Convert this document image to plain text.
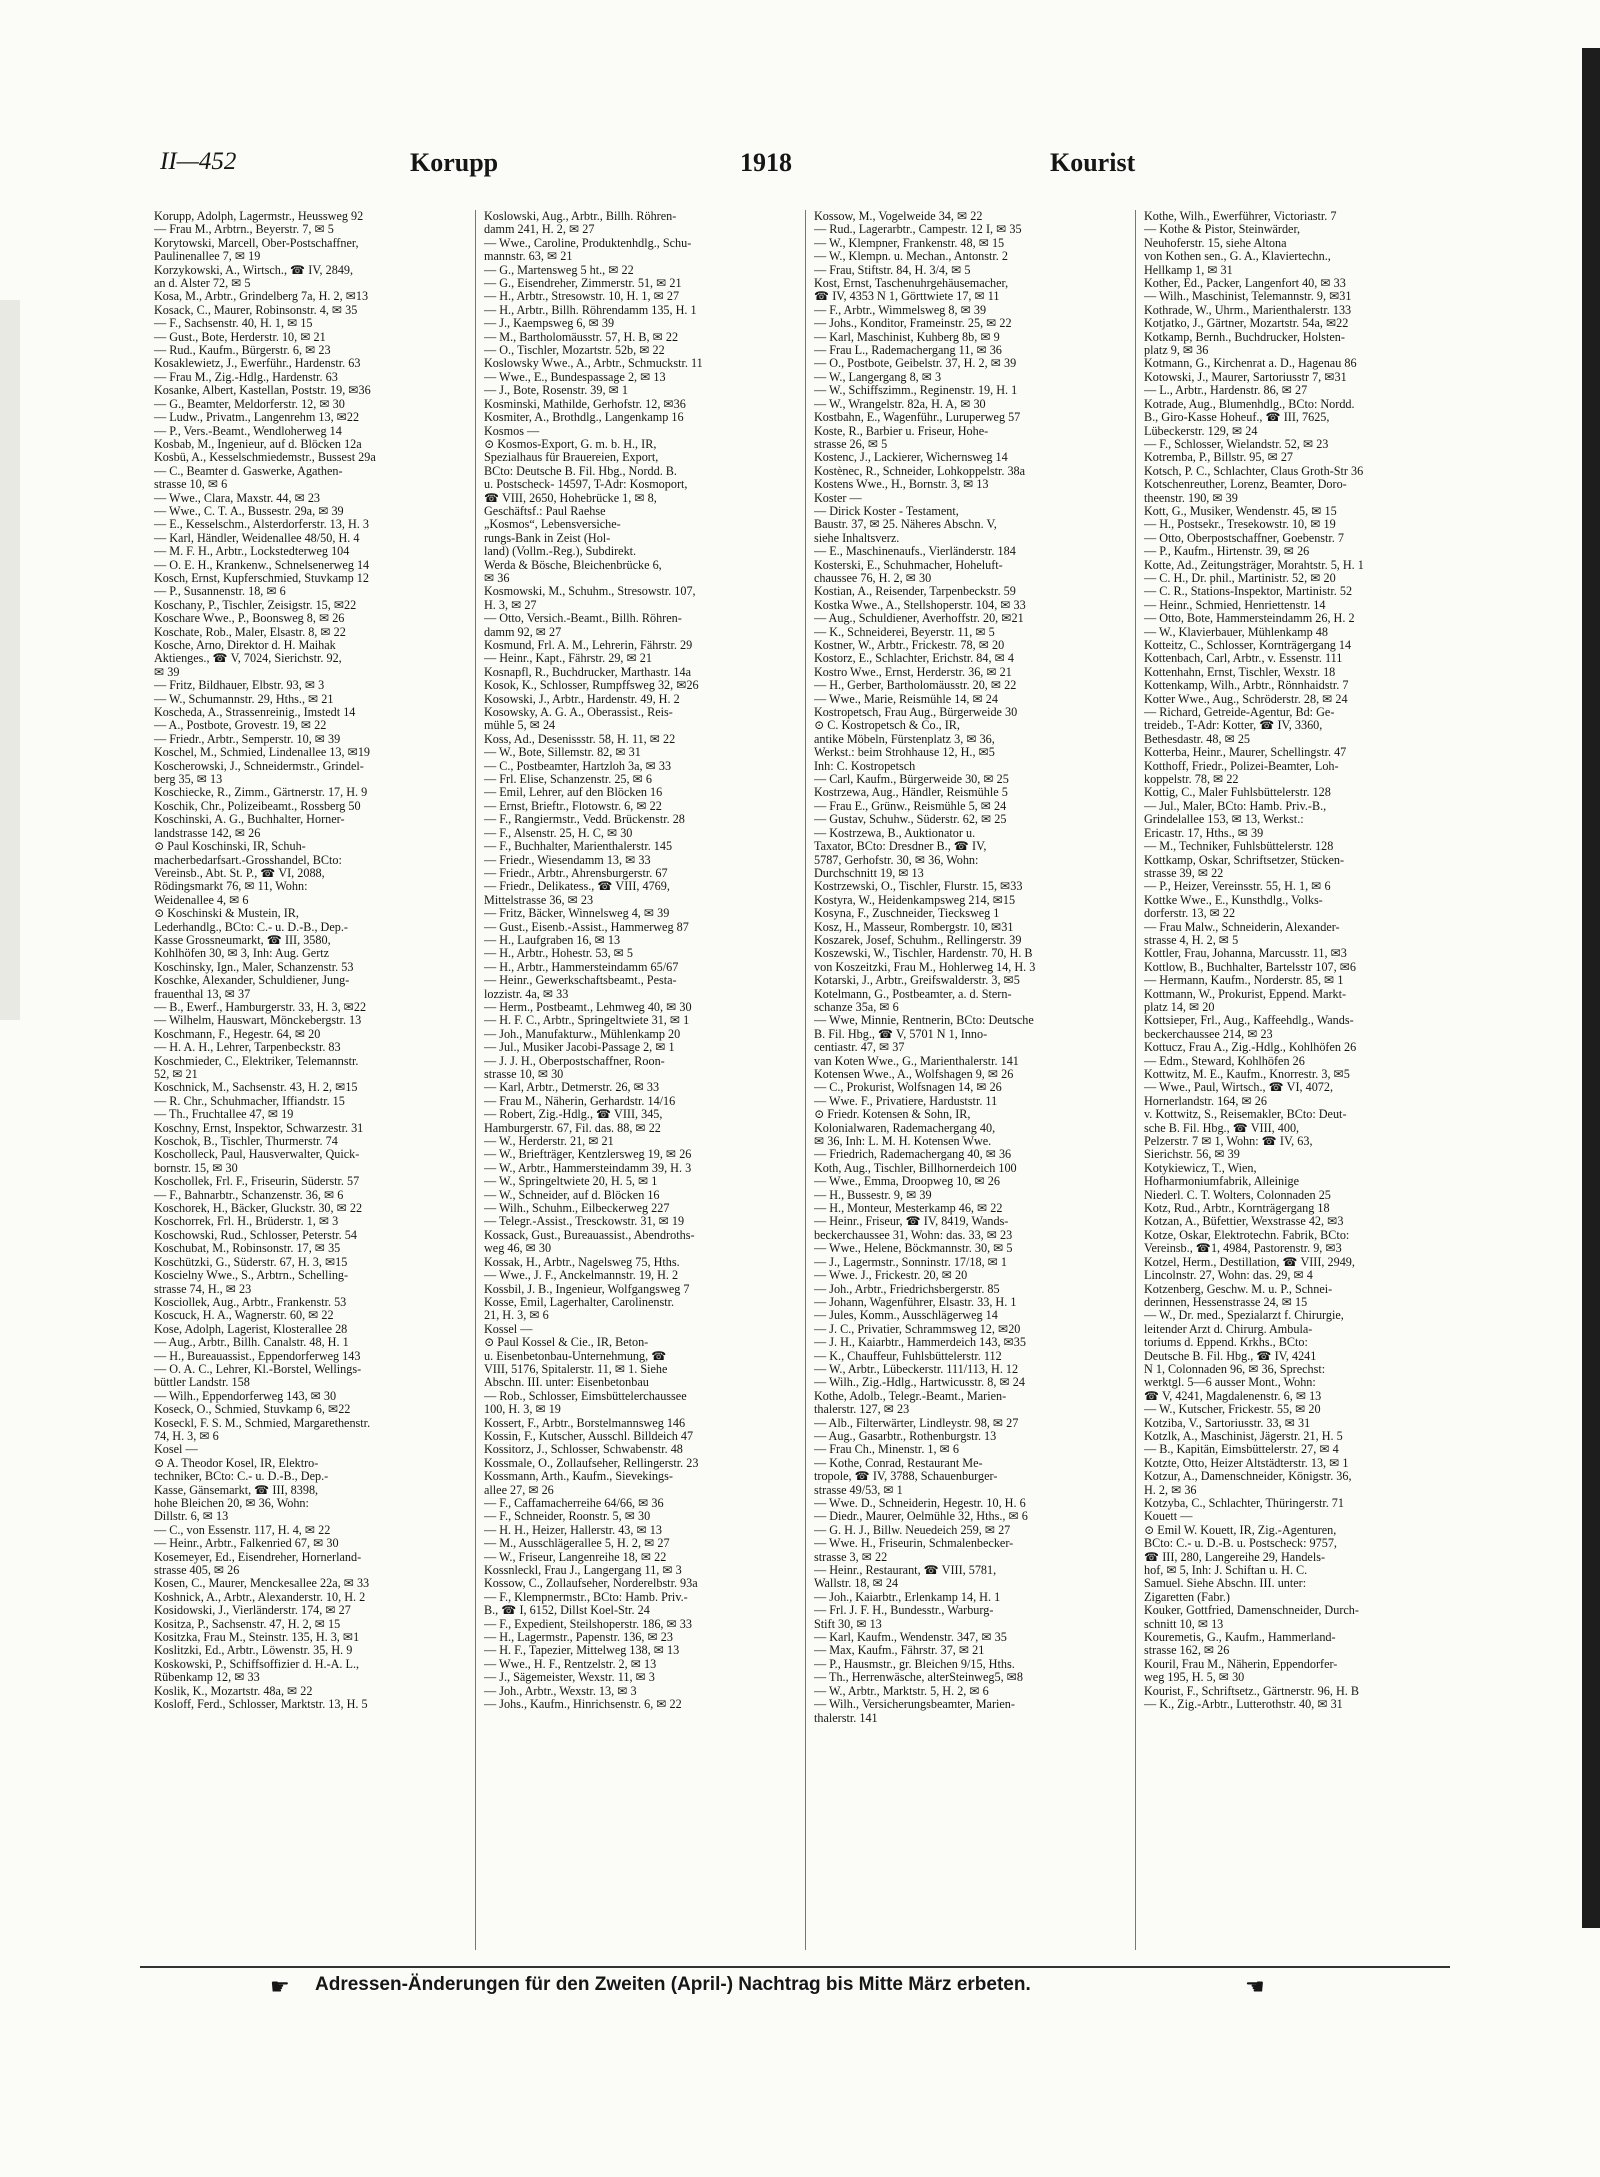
II—452	Korupp	1918	Kourist
Korupp, Adolph, Lagermstr., Heussweg 92
— Frau M., Arbtrn., Beyerstr. 7, ✉ 5
Korytowski, Marcell, Ober-Postschaffner,
Paulinenallee 7, ✉ 19
Korzykowski, A., Wirtsch., ☎ IV, 2849,
an d. Alster 72, ✉ 5
Kosa, M., Arbtr., Grindelberg 7a, H. 2, ✉13
Kosack, C., Maurer, Robinsonstr. 4, ✉ 35
— F., Sachsenstr. 40, H. 1, ✉ 15
— Gust., Bote, Herderstr. 10, ✉ 21
— Rud., Kaufm., Bürgerstr. 6, ✉ 23
Kosaklewietz, J., Ewerführ., Hardenstr. 63
— Frau M., Zig.-Hdlg., Hardenstr. 63
Kosanke, Albert, Kastellan, Poststr. 19, ✉36
— G., Beamter, Meldorferstr. 12, ✉ 30
— Ludw., Privatm., Langenrehm 13, ✉22
— P., Vers.-Beamt., Wendloherweg 14
Kosbab, M., Ingenieur, auf d. Blöcken 12a
Kosbü, A., Kesselschmiedemstr., Bussest 29a
— C., Beamter d. Gaswerke, Agathen-
strasse 10, ✉ 6
— Wwe., Clara, Maxstr. 44, ✉ 23
— Wwe., C. T. A., Bussestr. 29a, ✉ 39
— E., Kesselschm., Alsterdorferstr. 13, H. 3
— Karl, Händler, Weidenallee 48/50, H. 4
— M. F. H., Arbtr., Lockstedterweg 104
— O. E. H., Krankenw., Schnelsenerweg 14
Kosch, Ernst, Kupferschmied, Stuvkamp 12
— P., Susannenstr. 18, ✉ 6
Koschany, P., Tischler, Zeisigstr. 15, ✉22
Koschare Wwe., P., Boonsweg 8, ✉ 26
Koschate, Rob., Maler, Elsastr. 8, ✉ 22
Kosche, Arno, Direktor d. H. Maihak
Aktienges., ☎ V, 7024, Sierichstr. 92,
✉ 39
— Fritz, Bildhauer, Elbstr. 93, ✉ 3
— W., Schumannstr. 29, Hths., ✉ 21
Koscheda, A., Strassenreinig., Imstedt 14
— A., Postbote, Grovestr. 19, ✉ 22
— Friedr., Arbtr., Semperstr. 10, ✉ 39
Koschel, M., Schmied, Lindenallee 13, ✉19
Koscherowski, J., Schneidermstr., Grindel-
berg 35, ✉ 13
Koschiecke, R., Zimm., Gärtnerstr. 17, H. 9
Koschik, Chr., Polizeibeamt., Rossberg 50
Koschinski, A. G., Buchhalter, Horner-
landstrasse 142, ✉ 26
⊙ Paul Koschinski, IR, Schuh-
macherbedarfsart.-Grosshandel, BCto:
Vereinsb., Abt. St. P., ☎ VI, 2088,
Rödingsmarkt 76, ✉ 11, Wohn:
Weidenallee 4, ✉ 6
⊙ Koschinski & Mustein, IR,
Lederhandlg., BCto: C.- u. D.-B., Dep.-
Kasse Grossneumarkt, ☎ III, 3580,
Kohlhöfen 30, ✉ 3, Inh: Aug. Gertz
Koschinsky, Ign., Maler, Schanzenstr. 53
Koschke, Alexander, Schuldiener, Jung-
frauenthal 13, ✉ 37
— B., Ewerf., Hamburgerstr. 33, H. 3, ✉22
— Wilhelm, Hauswart, Mönckebergstr. 13
Koschmann, F., Hegestr. 64, ✉ 20
— H. A. H., Lehrer, Tarpenbeckstr. 83
Koschmieder, C., Elektriker, Telemannstr.
52, ✉ 21
Koschnick, M., Sachsenstr. 43, H. 2, ✉15
— R. Chr., Schuhmacher, Iffiandstr. 15
— Th., Fruchtallee 47, ✉ 19
Koschny, Ernst, Inspektor, Schwarzestr. 31
Koschok, B., Tischler, Thurmerstr. 74
Koscholleck, Paul, Hausverwalter, Quick-
bornstr. 15, ✉ 30
Koschollek, Frl. F., Friseurin, Süderstr. 57
— F., Bahnarbtr., Schanzenstr. 36, ✉ 6
Koschorek, H., Bäcker, Gluckstr. 30, ✉ 22
Koschorrek, Frl. H., Brüderstr. 1, ✉ 3
Koschowski, Rud., Schlosser, Peterstr. 54
Koschubat, M., Robinsonstr. 17, ✉ 35
Koschützki, G., Süderstr. 67, H. 3, ✉15
Koscielny Wwe., S., Arbtrn., Schelling-
strasse 74, H., ✉ 23
Kosciollek, Aug., Arbtr., Frankenstr. 53
Koscuck, H. A., Wagnerstr. 60, ✉ 22
Kose, Adolph, Lagerist, Klosterallee 28
— Aug., Arbtr., Billh. Canalstr. 48, H. 1
— H., Bureauassist., Eppendorferweg 143
— O. A. C., Lehrer, Kl.-Borstel, Wellings-
büttler Landstr. 158
— Wilh., Eppendorferweg 143, ✉ 30
Koseck, O., Schmied, Stuvkamp 6, ✉22
Koseckl, F. S. M., Schmied, Margarethenstr.
74, H. 3, ✉ 6
Kosel —
⊙ A. Theodor Kosel, IR, Elektro-
techniker, BCto: C.- u. D.-B., Dep.-
Kasse, Gänsemarkt, ☎ III, 8398,
hohe Bleichen 20, ✉ 36, Wohn:
Dillstr. 6, ✉ 13
— C., von Essenstr. 117, H. 4, ✉ 22
— Heinr., Arbtr., Falkenried 67, ✉ 30
Kosemeyer, Ed., Eisendreher, Hornerland-
strasse 405, ✉ 26
Kosen, C., Maurer, Menckesallee 22a, ✉ 33
Koshnick, A., Arbtr., Alexanderstr. 10, H. 2
Kosidowski, J., Vierländerstr. 174, ✉ 27
Kositza, P., Sachsenstr. 47, H. 2, ✉ 15
Kositzka, Frau M., Steinstr. 135, H. 3, ✉1
Koslitzki, Ed., Arbtr., Löwenstr. 35, H. 9
Koskowski, P., Schiffsoffizier d. H.-A. L.,
Rübenkamp 12, ✉ 33
Koslik, K., Mozartstr. 48a, ✉ 22
Kosloff, Ferd., Schlosser, Marktstr. 13, H. 5
Koslowski, Aug., Arbtr., Billh. Röhren-
damm 241, H. 2, ✉ 27
— Wwe., Caroline, Produktenhdlg., Schu-
mannstr. 63, ✉ 21
— G., Martensweg 5 ht., ✉ 22
— G., Eisendreher, Zimmerstr. 51, ✉ 21
— H., Arbtr., Stresowstr. 10, H. 1, ✉ 27
— H., Arbtr., Billh. Röhrendamm 135, H. 1
— J., Kaempsweg 6, ✉ 39
— M., Bartholomäusstr. 57, H. B, ✉ 22
— O., Tischler, Mozartstr. 52b, ✉ 22
Koslowsky Wwe., A., Arbtr., Schmuckstr. 11
— Wwe., E., Bundespassage 2, ✉ 13
— J., Bote, Rosenstr. 39, ✉ 1
Kosminski, Mathilde, Gerhofstr. 12, ✉36
Kosmiter, A., Brothdlg., Langenkamp 16
Kosmos —
⊙ Kosmos-Export, G. m. b. H., IR,
Spezialhaus für Brauereien, Export,
BCto: Deutsche B. Fil. Hbg., Nordd. B.
u. Postscheck- 14597, T-Adr: Kosmoport,
☎ VIII, 2650, Hohebrücke 1, ✉ 8,
Geschäftsf.: Paul Raehse
„Kosmos“, Lebensversiche-
rungs-Bank in Zeist (Hol-
land) (Vollm.-Reg.), Subdirekt.
Werda & Bösche, Bleichenbrücke 6,
✉ 36
Kosmowski, M., Schuhm., Stresowstr. 107,
H. 3, ✉ 27
— Otto, Versich.-Beamt., Billh. Röhren-
damm 92, ✉ 27
Kosmund, Frl. A. M., Lehrerin, Fährstr. 29
— Heinr., Kapt., Fährstr. 29, ✉ 21
Kosnapfl, R., Buchdrucker, Marthastr. 14a
Kosok, K., Schlosser, Rumpffsweg 32, ✉26
Kosowski, J., Arbtr., Hardenstr. 49, H. 2
Kosowsky, A. G. A., Oberassist., Reis-
mühle 5, ✉ 24
Koss, Ad., Desenissstr. 58, H. 11, ✉ 22
— W., Bote, Sillemstr. 82, ✉ 31
— C., Postbeamter, Hartzloh 3a, ✉ 33
— Frl. Elise, Schanzenstr. 25, ✉ 6
— Emil, Lehrer, auf den Blöcken 16
— Ernst, Brieftr., Flotowstr. 6, ✉ 22
— F., Rangiermstr., Vedd. Brückenstr. 28
— F., Alsenstr. 25, H. C, ✉ 30
— F., Buchhalter, Marienthalerstr. 145
— Friedr., Wiesendamm 13, ✉ 33
— Friedr., Arbtr., Ahrensburgerstr. 67
— Friedr., Delikatess., ☎ VIII, 4769,
Mittelstrasse 36, ✉ 23
— Fritz, Bäcker, Winnelsweg 4, ✉ 39
— Gust., Eisenb.-Assist., Hammerweg 87
— H., Laufgraben 16, ✉ 13
— H., Arbtr., Hohestr. 53, ✉ 5
— H., Arbtr., Hammersteindamm 65/67
— Heinr., Gewerkschaftsbeamt., Pesta-
lozzistr. 4a, ✉ 33
— Herm., Postbeamt., Lehmweg 40, ✉ 30
— H. F. C., Arbtr., Springeltwiete 31, ✉ 1
— Joh., Manufakturw., Mühlenkamp 20
— Jul., Musiker Jacobi-Passage 2, ✉ 1
— J. J. H., Oberpostschaffner, Roon-
strasse 10, ✉ 30
— Karl, Arbtr., Detmerstr. 26, ✉ 33
— Frau M., Näherin, Gerhardstr. 14/16
— Robert, Zig.-Hdlg., ☎ VIII, 345,
Hamburgerstr. 67, Fil. das. 88, ✉ 22
— W., Herderstr. 21, ✉ 21
— W., Briefträger, Kentzlersweg 19, ✉ 26
— W., Arbtr., Hammersteindamm 39, H. 3
— W., Springeltwiete 20, H. 5, ✉ 1
— W., Schneider, auf d. Blöcken 16
— Wilh., Schuhm., Eilbeckerweg 227
— Telegr.-Assist., Tresckowstr. 31, ✉ 19
Kossack, Gust., Bureauassist., Abendroths-
weg 46, ✉ 30
Kossak, H., Arbtr., Nagelsweg 75, Hths.
— Wwe., J. F., Anckelmannstr. 19, H. 2
Kossbil, J. B., Ingenieur, Wolfgangsweg 7
Kosse, Emil, Lagerhalter, Carolinenstr.
21, H. 3, ✉ 6
Kossel —
⊙ Paul Kossel & Cie., IR, Beton-
u. Eisenbetonbau-Unternehmung, ☎
VIII, 5176, Spitalerstr. 11, ✉ 1. Siehe
Abschn. III. unter: Eisenbetonbau
— Rob., Schlosser, Eimsbüttelerchaussee
100, H. 3, ✉ 19
Kossert, F., Arbtr., Borstelmannsweg 146
Kossin, F., Kutscher, Ausschl. Billdeich 47
Kossitorz, J., Schlosser, Schwabenstr. 48
Kossmale, O., Zollaufseher, Rellingerstr. 23
Kossmann, Arth., Kaufm., Sievekings-
allee 27, ✉ 26
— F., Caffamacherreihe 64/66, ✉ 36
— F., Schneider, Roonstr. 5, ✉ 30
— H. H., Heizer, Hallerstr. 43, ✉ 13
— M., Ausschlägerallee 5, H. 2, ✉ 27
— W., Friseur, Langenreihe 18, ✉ 22
Kossnleckl, Frau J., Langergang 11, ✉ 3
Kossow, C., Zollaufseher, Norderelbstr. 93a
— F., Klempnermstr., BCto: Hamb. Priv.-
B., ☎ I, 6152, Dillst Koel-Str. 24
— F., Expedient, Steilshoperstr. 186, ✉ 33
— H., Lagermstr., Papenstr. 136, ✉ 23
— H. F., Tapezier, Mittelweg 138, ✉ 13
— Wwe., H. F., Rentzelstr. 2, ✉ 13
— J., Sägemeister, Wexstr. 11, ✉ 3
— Joh., Arbtr., Wexstr. 13, ✉ 3
— Johs., Kaufm., Hinrichsenstr. 6, ✉ 22
Kossow, M., Vogelweide 34, ✉ 22
— Rud., Lagerarbtr., Campestr. 12 I, ✉ 35
— W., Klempner, Frankenstr. 48, ✉ 15
— W., Klempn. u. Mechan., Antonstr. 2
— Frau, Stiftstr. 84, H. 3/4, ✉ 5
Kost, Ernst, Taschenuhrgehäusemacher,
☎ IV, 4353 N 1, Görttwiete 17, ✉ 11
— F., Arbtr., Wimmelsweg 8, ✉ 39
— Johs., Konditor, Frameinstr. 25, ✉ 22
— Karl, Maschinist, Kuhberg 8b, ✉ 9
— Frau L., Rademachergang 11, ✉ 36
— O., Postbote, Geibelstr. 37, H. 2, ✉ 39
— W., Langergang 8, ✉ 3
— W., Schiffszimm., Reginenstr. 19, H. 1
— W., Wrangelstr. 82a, H. A, ✉ 30
Kostbahn, E., Wagenführ., Luruperweg 57
Koste, R., Barbier u. Friseur, Hohe-
strasse 26, ✉ 5
Kostenc, J., Lackierer, Wichernsweg 14
Kostènec, R., Schneider, Lohkoppelstr. 38a
Kostens Wwe., H., Bornstr. 3, ✉ 13
Koster —
— Dirick Koster - Testament,
Baustr. 37, ✉ 25. Näheres Abschn. V,
siehe Inhaltsverz.
— E., Maschinenaufs., Vierländerstr. 184
Kosterski, E., Schuhmacher, Hoheluft-
chaussee 76, H. 2, ✉ 30
Kostian, A., Reisender, Tarpenbeckstr. 59
Kostka Wwe., A., Stellshoperstr. 104, ✉ 33
— Aug., Schuldiener, Averhoffstr. 20, ✉21
— K., Schneiderei, Beyerstr. 11, ✉ 5
Kostner, W., Arbtr., Frickestr. 78, ✉ 20
Kostorz, E., Schlachter, Erichstr. 84, ✉ 4
Kostro Wwe., Ernst, Herderstr. 36, ✉ 21
— H., Gerber, Bartholomäusstr. 20, ✉ 22
— Wwe., Marie, Reismühle 14, ✉ 24
Kostropetsch, Frau Aug., Bürgerweide 30
⊙ C. Kostropetsch & Co., IR,
antike Möbeln, Fürstenplatz 3, ✉ 36,
Werkst.: beim Strohhause 12, H., ✉5
Inh: C. Kostropetsch
— Carl, Kaufm., Bürgerweide 30, ✉ 25
Kostrzewa, Aug., Händler, Reismühle 5
— Frau E., Grünw., Reismühle 5, ✉ 24
— Gustav, Schuhw., Süderstr. 62, ✉ 25
— Kostrzewa, B., Auktionator u.
Taxator, BCto: Dresdner B., ☎ IV,
5787, Gerhofstr. 30, ✉ 36, Wohn:
Durchschnitt 19, ✉ 13
Kostrzewski, O., Tischler, Flurstr. 15, ✉33
Kostyra, W., Heidenkampsweg 214, ✉15
Kosyna, F., Zuschneider, Tiecksweg 1
Kosz, H., Masseur, Rombergstr. 10, ✉31
Koszarek, Josef, Schuhm., Rellingerstr. 39
Koszewski, W., Tischler, Hardenstr. 70, H. B
von Koszeitzki, Frau M., Hohlerweg 14, H. 3
Kotarski, J., Arbtr., Greifswalderstr. 3, ✉5
Kotelmann, G., Postbeamter, a. d. Stern-
schanze 35a, ✉ 6
— Wwe, Minnie, Rentnerin, BCto: Deutsche
B. Fil. Hbg., ☎ V, 5701 N 1, Inno-
centiastr. 47, ✉ 37
van Koten Wwe., G., Marienthalerstr. 141
Kotensen Wwe., A., Wolfshagen 9, ✉ 26
— C., Prokurist, Wolfsnagen 14, ✉ 26
— Wwe. F., Privatiere, Harduststr. 11
⊙ Friedr. Kotensen & Sohn, IR,
Kolonialwaren, Rademachergang 40,
✉ 36, Inh: L. M. H. Kotensen Wwe.
— Friedrich, Rademachergang 40, ✉ 36
Koth, Aug., Tischler, Billhornerdeich 100
— Wwe., Emma, Droopweg 10, ✉ 26
— H., Bussestr. 9, ✉ 39
— H., Monteur, Mesterkamp 46, ✉ 22
— Heinr., Friseur, ☎ IV, 8419, Wands-
beckerchaussee 31, Wohn: das. 33, ✉ 23
— Wwe., Helene, Böckmannstr. 30, ✉ 5
— J., Lagermstr., Sonninstr. 17/18, ✉ 1
— Wwe. J., Frickestr. 20, ✉ 20
— Joh., Arbtr., Friedrichsbergerstr. 85
— Johann, Wagenführer, Elsastr. 33, H. 1
— Jules, Komm., Ausschlägerweg 14
— J. C., Privatier, Schrammsweg 12, ✉20
— J. H., Kaiarbtr., Hammerdeich 143, ✉35
— K., Chauffeur, Fuhlsbüttelerstr. 112
— W., Arbtr., Lübeckerstr. 111/113, H. 12
— Wilh., Zig.-Hdlg., Hartwicusstr. 8, ✉ 24
Kothe, Adolb., Telegr.-Beamt., Marien-
thalerstr. 127, ✉ 23
— Alb., Filterwärter, Lindleystr. 98, ✉ 27
— Aug., Gasarbtr., Rothenburgstr. 13
— Frau Ch., Minenstr. 1, ✉ 6
— Kothe, Conrad, Restaurant Me-
tropole, ☎ IV, 3788, Schauenburger-
strasse 49/53, ✉ 1
— Wwe. D., Schneiderin, Hegestr. 10, H. 6
— Diedr., Maurer, Oelmühle 32, Hths., ✉ 6
— G. H. J., Billw. Neuedeich 259, ✉ 27
— Wwe. H., Friseurin, Schmalenbecker-
strasse 3, ✉ 22
— Heinr., Restaurant, ☎ VIII, 5781,
Wallstr. 18, ✉ 24
— Joh., Kaiarbtr., Erlenkamp 14, H. 1
— Frl. J. F. H., Bundesstr., Warburg-
Stift 30, ✉ 13
— Karl, Kaufm., Wendenstr. 347, ✉ 35
— Max, Kaufm., Fährstr. 37, ✉ 21
— P., Hausmstr., gr. Bleichen 9/15, Hths.
— Th., Herrenwäsche, alterSteinweg5, ✉8
— W., Arbtr., Marktstr. 5, H. 2, ✉ 6
— Wilh., Versicherungsbeamter, Marien-
thalerstr. 141
Kothe, Wilh., Ewerführer, Victoriastr. 7
— Kothe & Pistor, Steinwärder,
Neuhoferstr. 15, siehe Altona
von Kothen sen., G. A., Klaviertechn.,
Hellkamp 1, ✉ 31
Kother, Ed., Packer, Langenfort 40, ✉ 33
— Wilh., Maschinist, Telemannstr. 9, ✉31
Kothrade, W., Uhrm., Marienthalerstr. 133
Kotjatko, J., Gärtner, Mozartstr. 54a, ✉22
Kotkamp, Bernh., Buchdrucker, Holsten-
platz 9, ✉ 36
Kotmann, G., Kirchenrat a. D., Hagenau 86
Kotowski, J., Maurer, Sartoriusstr 7, ✉31
— L., Arbtr., Hardenstr. 86, ✉ 27
Kotrade, Aug., Blumenhdlg., BCto: Nordd.
B., Giro-Kasse Hoheuf., ☎ III, 7625,
Lübeckerstr. 129, ✉ 24
— F., Schlosser, Wielandstr. 52, ✉ 23
Kotremba, P., Billstr. 95, ✉ 27
Kotsch, P. C., Schlachter, Claus Groth-Str 36
Kotschenreuther, Lorenz, Beamter, Doro-
theenstr. 190, ✉ 39
Kott, G., Musiker, Wendenstr. 45, ✉ 15
— H., Postsekr., Tresekowstr. 10, ✉ 19
— Otto, Oberpostschaffner, Goebenstr. 7
— P., Kaufm., Hirtenstr. 39, ✉ 26
Kotte, Ad., Zeitungsträger, Morahtstr. 5, H. 1
— C. H., Dr. phil., Martinistr. 52, ✉ 20
— C. R., Stations-Inspektor, Martinistr. 52
— Heinr., Schmied, Henriettenstr. 14
— Otto, Bote, Hammersteindamm 26, H. 2
— W., Klavierbauer, Mühlenkamp 48
Kotteitz, C., Schlosser, Kornträgergang 14
Kottenbach, Carl, Arbtr., v. Essenstr. 111
Kottenhahn, Ernst, Tischler, Wexstr. 18
Kottenkamp, Wilh., Arbtr., Rönnhaidstr. 7
Kotter Wwe., Aug., Schröderstr. 28, ✉ 24
— Richard, Getreide-Agentur, Bd: Ge-
treideb., T-Adr: Kotter, ☎ IV, 3360,
Bethesdastr. 48, ✉ 25
Kotterba, Heinr., Maurer, Schellingstr. 47
Kotthoff, Friedr., Polizei-Beamter, Loh-
koppelstr. 78, ✉ 22
Kottig, C., Maler Fuhlsbüttelerstr. 128
— Jul., Maler, BCto: Hamb. Priv.-B.,
Grindelallee 153, ✉ 13, Werkst.:
Ericastr. 17, Hths., ✉ 39
— M., Techniker, Fuhlsbüttelerstr. 128
Kottkamp, Oskar, Schriftsetzer, Stücken-
strasse 39, ✉ 22
— P., Heizer, Vereinsstr. 55, H. 1, ✉ 6
Kottke Wwe., E., Kunsthdlg., Volks-
dorferstr. 13, ✉ 22
— Frau Malw., Schneiderin, Alexander-
strasse 4, H. 2, ✉ 5
Kottler, Frau, Johanna, Marcusstr. 11, ✉3
Kottlow, B., Buchhalter, Bartelsstr 107, ✉6
— Hermann, Kaufm., Norderstr. 85, ✉ 1
Kottmann, W., Prokurist, Eppend. Markt-
platz 14, ✉ 20
Kottsieper, Frl., Aug., Kaffeehdlg., Wands-
beckerchaussee 214, ✉ 23
Kottucz, Frau A., Zig.-Hdlg., Kohlhöfen 26
— Edm., Steward, Kohlhöfen 26
Kottwitz, M. E., Kaufm., Knorrestr. 3, ✉5
— Wwe., Paul, Wirtsch., ☎ VI, 4072,
Hornerlandstr. 164, ✉ 26
v. Kottwitz, S., Reisemakler, BCto: Deut-
sche B. Fil. Hbg., ☎ VIII, 400,
Pelzerstr. 7 ✉ 1, Wohn: ☎ IV, 63,
Sierichstr. 56, ✉ 39
Kotykiewicz, T., Wien,
Hofharmoniumfabrik, Alleinige
Niederl. C. T. Wolters, Colonnaden 25
Kotz, Rud., Arbtr., Kornträgergang 18
Kotzan, A., Büfettier, Wexstrasse 42, ✉3
Kotze, Oskar, Elektrotechn. Fabrik, BCto:
Vereinsb., ☎1, 4984, Pastorenstr. 9, ✉3
Kotzel, Herm., Destillation, ☎ VIII, 2949,
Lincolnstr. 27, Wohn: das. 29, ✉ 4
Kotzenberg, Geschw. M. u. P., Schnei-
derinnen, Hessenstrasse 24, ✉ 15
— W., Dr. med., Spezialarzt f. Chirurgie,
leitender Arzt d. Chirurg. Ambula-
toriums d. Eppend. Krkhs., BCto:
Deutsche B. Fil. Hbg., ☎ IV, 4241
N 1, Colonnaden 96, ✉ 36, Sprechst:
werktgl. 5—6 ausser Mont., Wohn:
☎ V, 4241, Magdalenenstr. 6, ✉ 13
— W., Kutscher, Frickestr. 55, ✉ 20
Kotziba, V., Sartoriusstr. 33, ✉ 31
Kotzlk, A., Maschinist, Jägerstr. 21, H. 5
— B., Kapitän, Eimsbüttelerstr. 27, ✉ 4
Kotzte, Otto, Heizer Altstädterstr. 13, ✉ 1
Kotzur, A., Damenschneider, Königstr. 36,
H. 2, ✉ 36
Kotzyba, C., Schlachter, Thüringerstr. 71
Kouett —
⊙ Emil W. Kouett, IR, Zig.-Agenturen,
BCto: C.- u. D.-B. u. Postscheck: 9757,
☎ III, 280, Langereihe 29, Handels-
hof, ✉ 5, Inh: J. Schiftan u. H. C.
Samuel. Siehe Abschn. III. unter:
Zigaretten (Fabr.)
Kouker, Gottfried, Damenschneider, Durch-
schnitt 10, ✉ 13
Kouremetis, G., Kaufm., Hammerland-
strasse 162, ✉ 26
Kouril, Frau M., Näherin, Eppendorfer-
weg 195, H. 5, ✉ 30
Kourist, F., Schriftsetz., Gärtnerstr. 96, H. B
— K., Zig.-Arbtr., Lutterothstr. 40, ✉ 31
☛ Adressen-Änderungen für den Zweiten (April-) Nachtrag bis Mitte März erbeten.	☛
